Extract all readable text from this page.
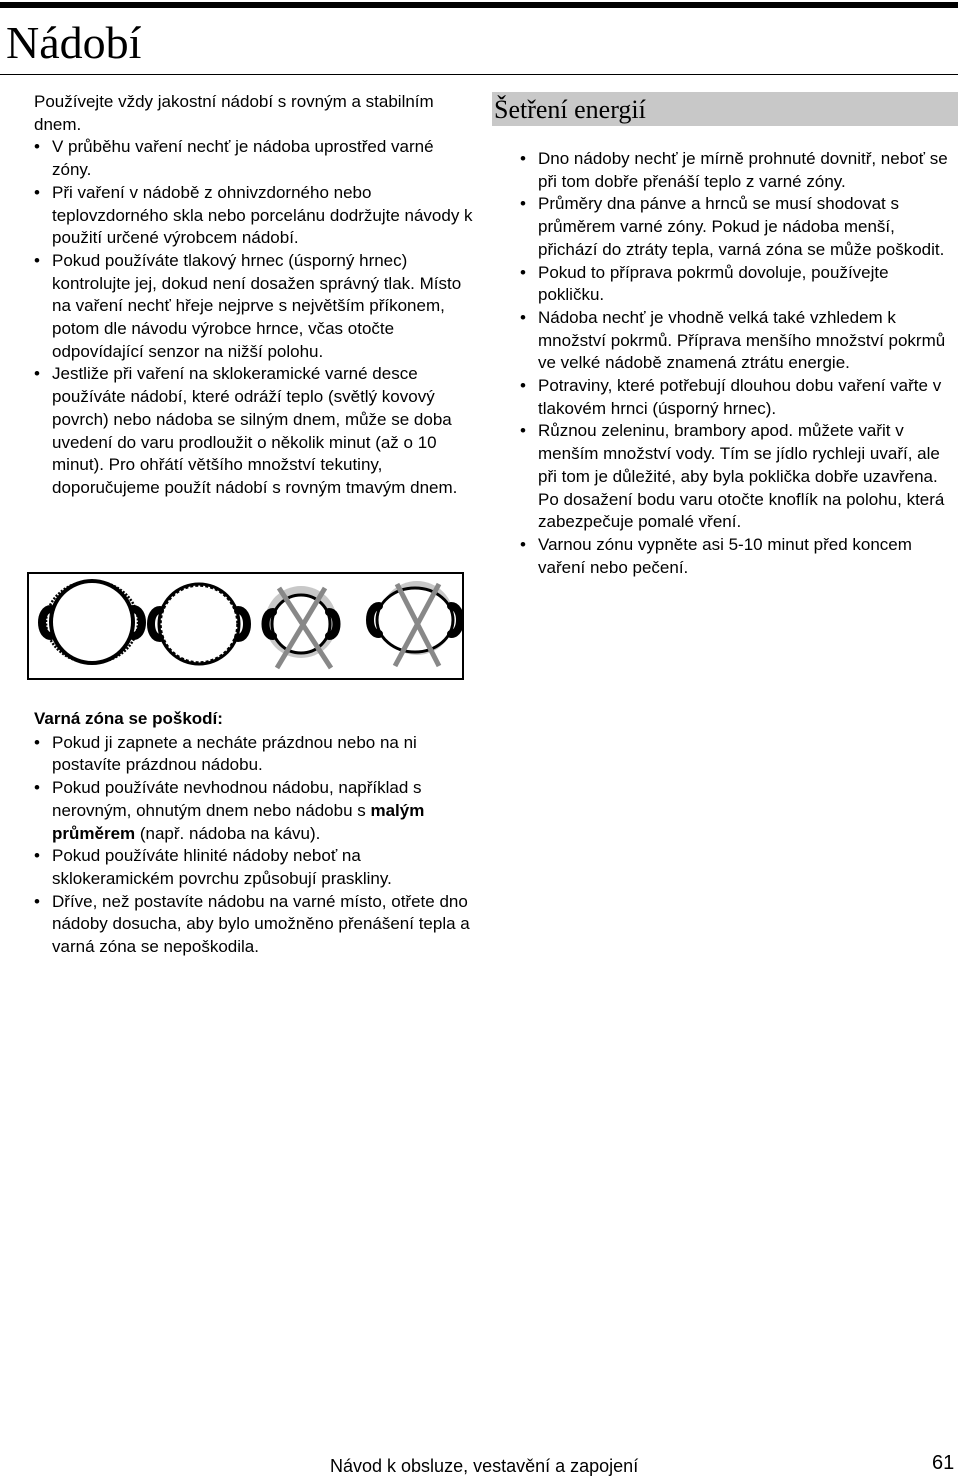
Nádobí

Používejte vždy jakostní nádobí s rovným a stabilním dnem.

• V průběhu vaření nechť je nádoba uprostřed varné zóny.
• Při vaření v nádobě z ohnivzdorného nebo teplovzdorného skla nebo porcelánu dodržujte návody k použití určené výrobcem nádobí.
• Pokud používáte tlakový hrnec (úsporný hrnec) kontrolujte jej, dokud není dosažen správný tlak. Místo na vaření nechť hřeje nejprve s největším příkonem, potom dle návodu výrobce hrnce, včas otočte odpovídající senzor na nižší polohu.
• Jestliže při vaření na sklokeramické varné desce používáte nádobí, které odráží teplo (světlý kovový povrch) nebo nádoba se silným dnem, může se doba uvedení do varu prodloužit o několik minut (až o 10 minut). Pro ohřátí většího množství tekutiny, doporučujeme použít nádobí s rovným tmavým dnem.
Šetření energií
• Dno nádoby nechť je mírně prohnuté dovnitř, neboť se při tom dobře přenáší teplo z varné zóny.
• Průměry dna pánve a hrnců se musí shodovat s průměrem varné zóny. Pokud je nádoba menší, přichází do ztráty tepla, varná zóna se může poškodit.
• Pokud to příprava pokrmů dovoluje, používejte pokličku.
• Nádoba nechť je vhodně velká také vzhledem k množství pokrmů. Příprava menšího množství pokrmů ve velké nádobě znamená ztrátu energie.
• Potraviny, které potřebují dlouhou dobu vaření vařte v tlakovém hrnci (úsporný hrnec).
• Různou zeleninu, brambory apod. můžete vařit v menším množství vody. Tím se jídlo rychleji uvaří, ale při tom je důležité, aby byla poklička dobře uzavřena. Po dosažení bodu varu otočte knoflík na polohu, která zabezpečuje pomalé vření.
• Varnou zónu vypněte asi 5-10 minut před koncem vaření nebo pečení.

Varná zóna se poškodí:

• Pokud ji zapnete a necháte prázdnou nebo na ni postavíte prázdnou nádobu.
• Pokud používáte nevhodnou nádobu, například s nerovným, ohnutým dnem nebo nádobu s malým průměrem (např. nádoba na kávu).
• Pokud používáte hlinité nádoby neboť na sklokeramickém povrchu způsobují praskliny.
• Dříve, než postavíte nádobu na varné místo, otřete dno nádoby dosucha, aby bylo umožněno přenášení tepla a varná zóna se nepoškodila.
Návod k obsluze, vestavění a zapojení	61
